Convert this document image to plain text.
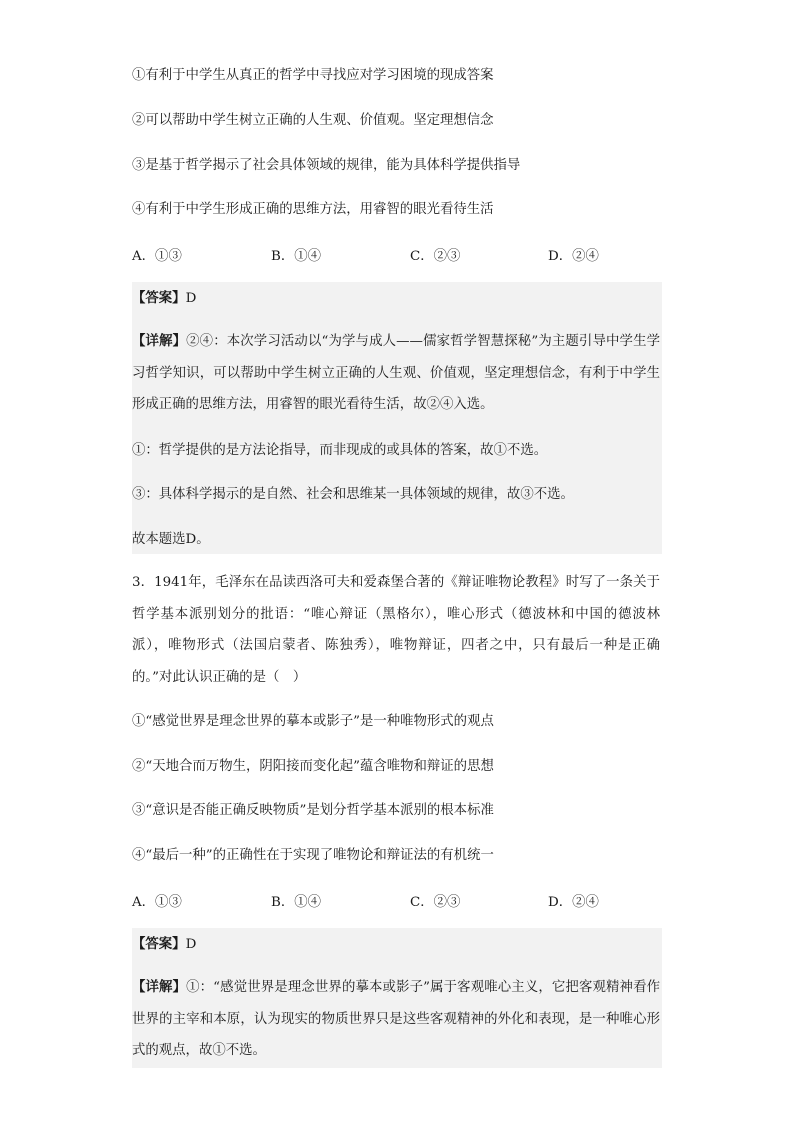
①有利于中学生从真正的哲学中寻找应对学习困境的现成答案
②可以帮助中学生树立正确的人生观、价值观。坚定理想信念
③是基于哲学揭示了社会具体领域的规律，能为具体科学提供指导
④有利于中学生形成正确的思维方法，用睿智的眼光看待生活
A．①③	B．①④	C．②③	D．②④
【答案】D
【详解】②④：本次学习活动以“为学与成人——儒家哲学智慧探秘”为主题引导中学生学习哲学知识，可以帮助中学生树立正确的人生观、价值观，坚定理想信念，有利于中学生形成正确的思维方法，用睿智的眼光看待生活，故②④入选。
①：哲学提供的是方法论指导，而非现成的或具体的答案，故①不选。
③：具体科学揭示的是自然、社会和思维某一具体领域的规律，故③不选。
故本题选D。
3．1941年，毛泽东在品读西洛可夫和爱森堡合著的《辩证唯物论教程》时写了一条关于哲学基本派别划分的批语：“唯心辩证（黑格尔），唯心形式（德波林和中国的德波林派），唯物形式（法国启蒙者、陈独秀），唯物辩证，四者之中，只有最后一种是正确的。”对此认识正确的是（　）
①“感觉世界是理念世界的摹本或影子”是一种唯物形式的观点
②“天地合而万物生，阴阳接而变化起”蕴含唯物和辩证的思想
③“意识是否能正确反映物质”是划分哲学基本派别的根本标准
④“最后一种”的正确性在于实现了唯物论和辩证法的有机统一
A．①③	B．①④	C．②③	D．②④
【答案】D
【详解】①：“感觉世界是理念世界的摹本或影子”属于客观唯心主义，它把客观精神看作世界的主宰和本原，认为现实的物质世界只是这些客观精神的外化和表现，是一种唯心形式的观点，故①不选。
